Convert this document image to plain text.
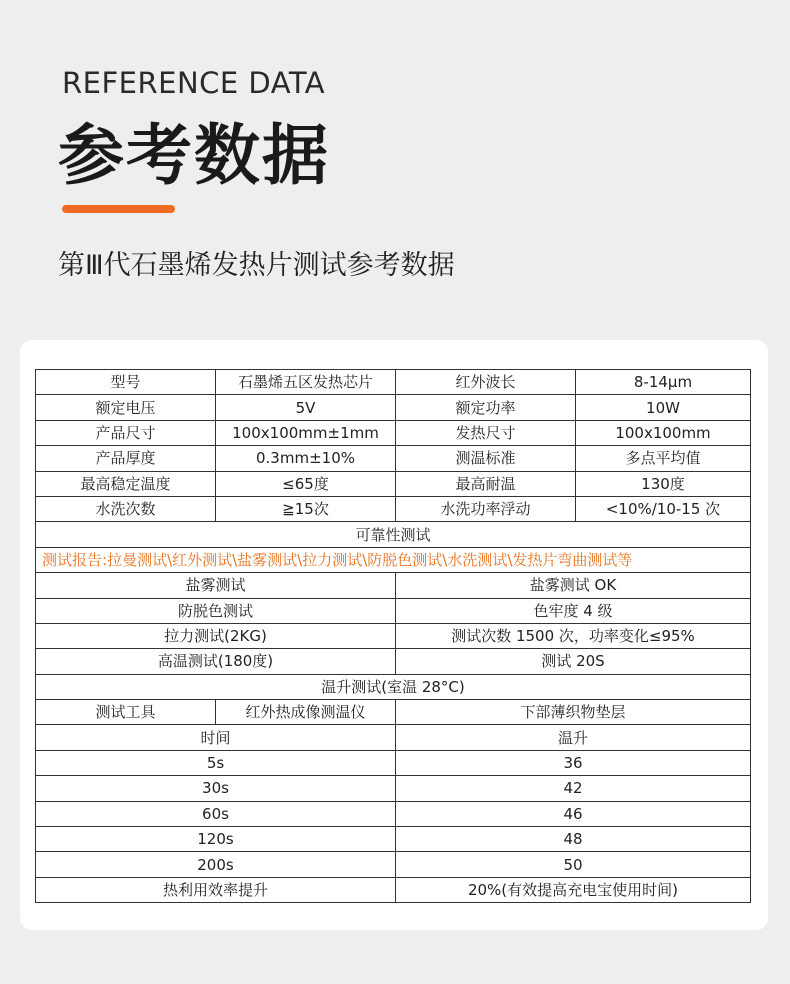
REFERENCE DATA
参考数据
第Ⅲ代石墨烯发热片测试参考数据
型号	石墨烯五区发热芯片	红外波长	8-14μm
额定电压	5V	额定功率	10W
产品尺寸	100x100mm±1mm	发热尺寸	100x100mm
产品厚度	0.3mm±10%	测温标准	多点平均值
最高稳定温度	≤65度	最高耐温	130度
水洗次数	≧15次	水洗功率浮动	<10%/10-15 次
可靠性测试			
测试报告:拉曼测试\红外测试\盐雾测试\拉力测试\防脱色测试\水洗测试\发热片弯曲测试等			
盐雾测试		盐雾测试 OK	
防脱色测试		色牢度 4 级	
拉力测试(2KG)		测试次数 1500 次，功率变化≤95%	
高温测试(180度)		测试 20S	
温升测试(室温 28°C)			
测试工具	红外热成像测温仪	下部薄织物垫层	
时间		温升	
5s		36	
30s		42	
60s		46	
120s		48	
200s		50	
热利用效率提升		20%(有效提高充电宝使用时间)	
